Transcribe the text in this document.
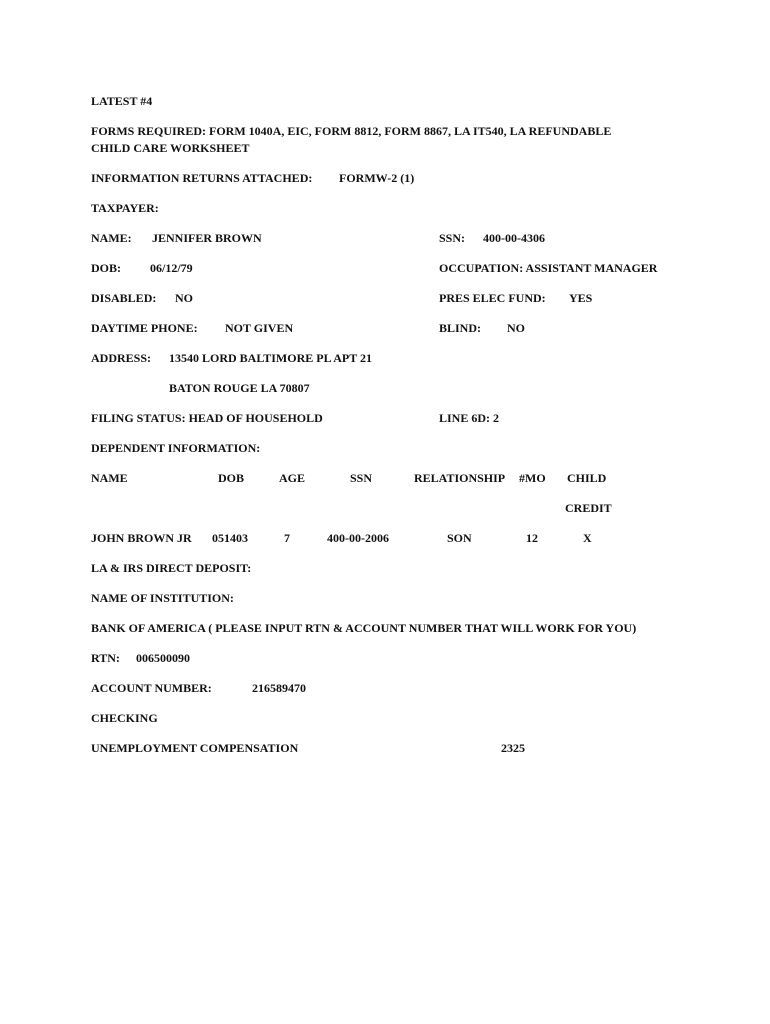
LATEST #4
FORMS REQUIRED: FORM 1040A, EIC, FORM 8812, FORM 8867, LA IT540, LA REFUNDABLE
CHILD CARE WORKSHEET
INFORMATION RETURNS ATTACHED: FORMW-2 (1)
TAXPAYER:
NAME: JENNIFER BROWN	SSN: 400-00-4306
DOB: 06/12/79	OCCUPATION: ASSISTANT MANAGER
DISABLED: NO	PRES ELEC FUND: YES
DAYTIME PHONE: NOT GIVEN	BLIND: NO
ADDRESS: 13540 LORD BALTIMORE PL APT 21
BATON ROUGE LA 70807
FILING STATUS: HEAD OF HOUSEHOLD	LINE 6D: 2
DEPENDENT INFORMATION:
NAME	DOB	AGE	SSN	RELATIONSHIP #MO CHILD
CREDIT
JOHN BROWN JR 051403	7	400-00-2006	SON	12	X
LA & IRS DIRECT DEPOSIT:
NAME OF INSTITUTION:
BANK OF AMERICA ( PLEASE INPUT RTN & ACCOUNT NUMBER THAT WILL WORK FOR YOU)
RTN: 006500090
ACCOUNT NUMBER:	216589470
CHECKING
UNEMPLOYMENT COMPENSATION	2325
